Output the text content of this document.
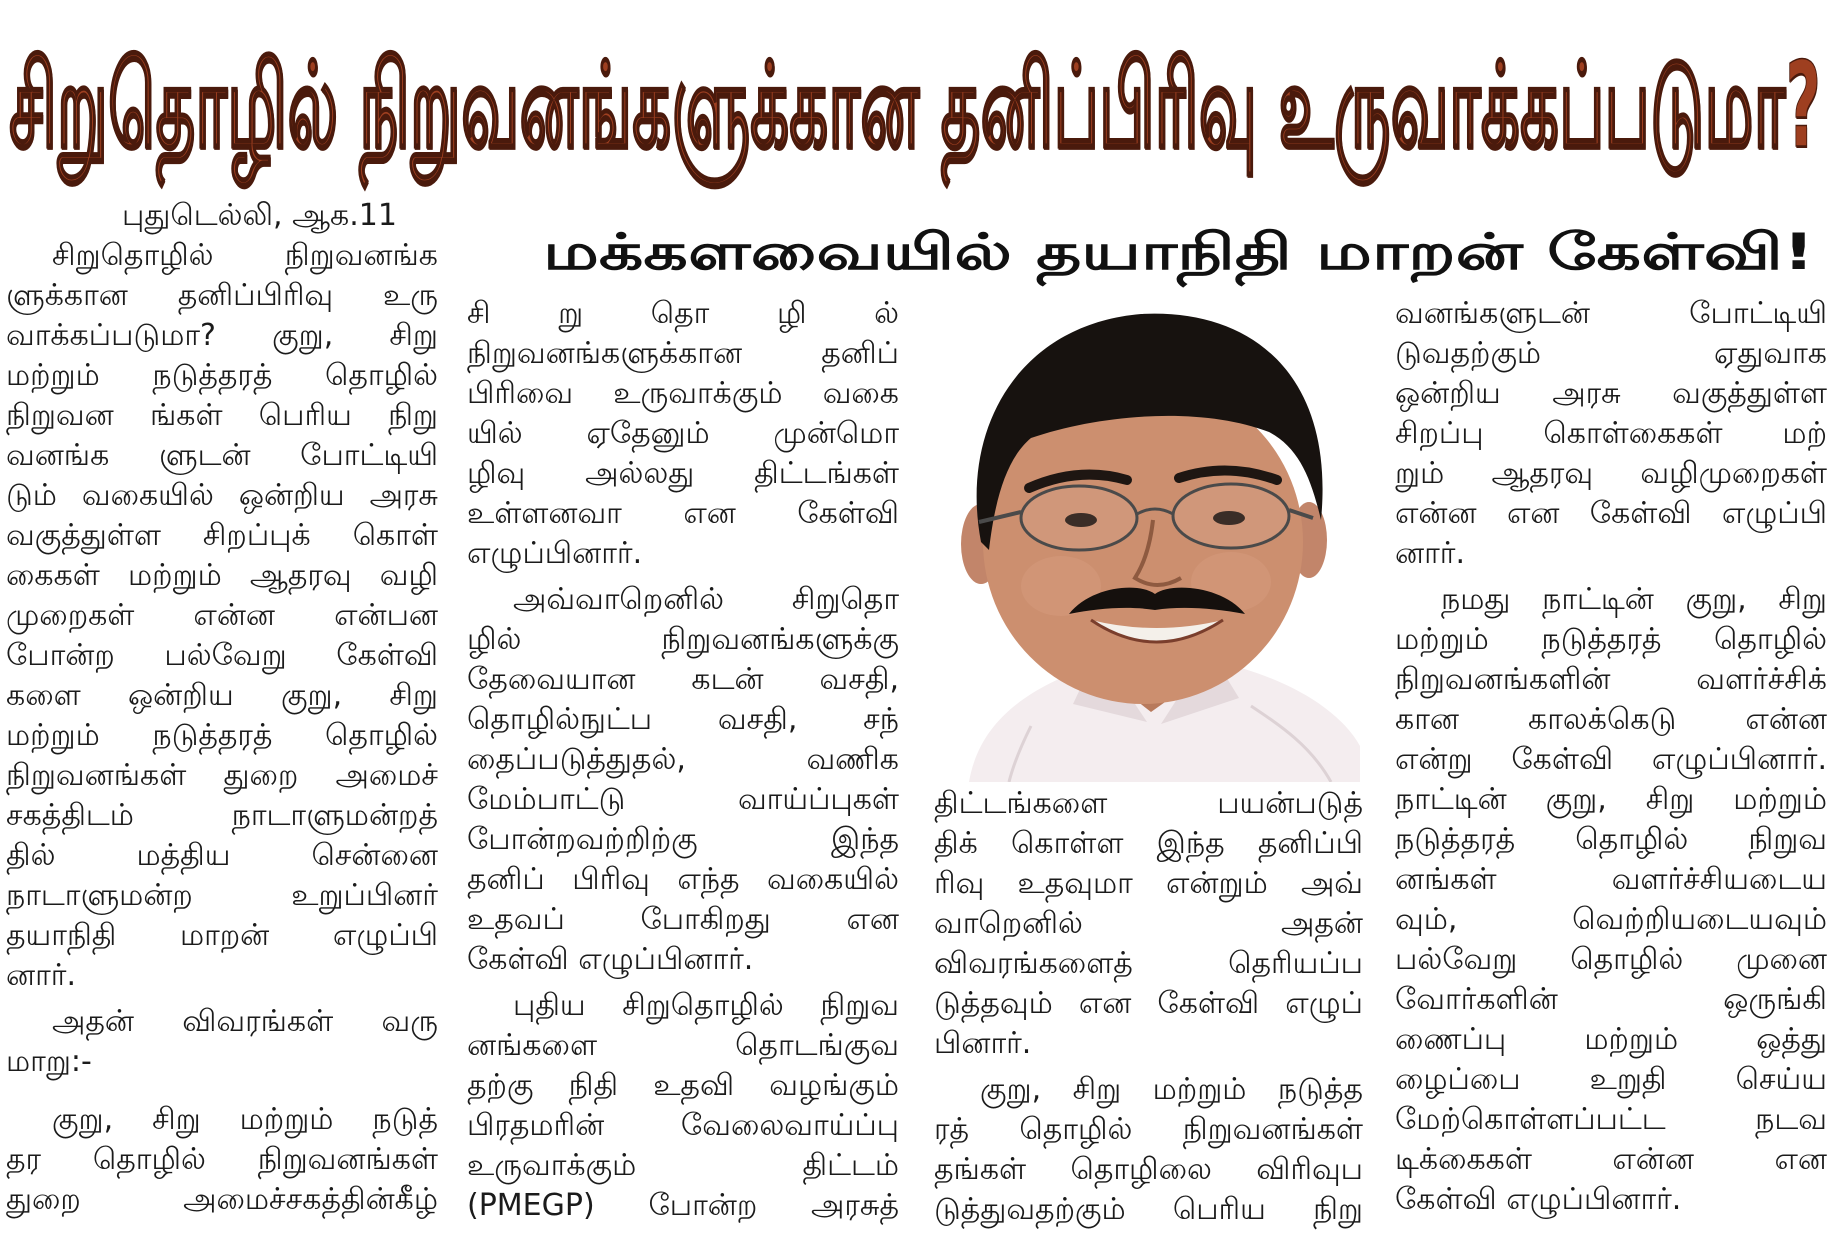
சிறுதொழில் நிறுவனங்களுக்கான தனிப்பிரிவு உருவாக்கப்படுமா?
மக்களவையில் தயாநிதி மாறன் கேள்வி!
புதுடெல்லி, ஆக.11
சிறுதொழில் நிறுவனங்க
ளுக்கான தனிப்பிரிவு உரு
வாக்கப்படுமா? குறு, சிறு
மற்றும் நடுத்தரத் தொழில்
நிறுவன ங்கள் பெரிய நிறு
வனங்க ளுடன் போட்டியி
டும் வகையில் ஒன்றிய அரசு
வகுத்துள்ள சிறப்புக் கொள்
கைகள் மற்றும் ஆதரவு வழி
முறைகள் என்ன என்பன
போன்ற பல்வேறு கேள்வி
களை ஒன்றிய குறு, சிறு
மற்றும் நடுத்தரத் தொழில்
நிறுவனங்கள் துறை அமைச்
சகத்திடம் நாடாளுமன்றத்
தில் மத்திய சென்னை
நாடாளுமன்ற உறுப்பினர்
தயாநிதி மாறன் எழுப்பி
னார்.
அதன் விவரங்கள் வரு
மாறு:-
குறு, சிறு மற்றும் நடுத்
தர தொழில் நிறுவனங்கள்
துறை அமைச்சகத்தின்கீழ்
சி று தொ ழி ல்
நிறுவனங்களுக்கான தனிப்
பிரிவை உருவாக்கும் வகை
யில் ஏதேனும் முன்மொ
ழிவு அல்லது திட்டங்கள்
உள்ளனவா என கேள்வி
எழுப்பினார்.
அவ்வாறெனில் சிறுதொ
ழில் நிறுவனங்களுக்கு
தேவையான கடன் வசதி,
தொழில்நுட்ப வசதி, சந்
தைப்படுத்துதல், வணிக
மேம்பாட்டு வாய்ப்புகள்
போன்றவற்றிற்கு இந்த
தனிப் பிரிவு எந்த வகையில்
உதவப் போகிறது என
கேள்வி எழுப்பினார்.
புதிய சிறுதொழில் நிறுவ
னங்களை தொடங்குவ
தற்கு நிதி உதவி வழங்கும்
பிரதமரின் வேலைவாய்ப்பு
உருவாக்கும் திட்டம்
(PMEGP) போன்ற அரசுத்
திட்டங்களை பயன்படுத்
திக் கொள்ள இந்த தனிப்பி
ரிவு உதவுமா என்றும் அவ்
வாறெனில் அதன்
விவரங்களைத் தெரியப்ப
டுத்தவும் என கேள்வி எழுப்
பினார்.
குறு, சிறு மற்றும் நடுத்த
ரத் தொழில் நிறுவனங்கள்
தங்கள் தொழிலை விரிவுப
டுத்துவதற்கும் பெரிய நிறு
வனங்களுடன் போட்டியி
டுவதற்கும் ஏதுவாக
ஒன்றிய அரசு வகுத்துள்ள
சிறப்பு கொள்கைகள் மற்
றும் ஆதரவு வழிமுறைகள்
என்ன என கேள்வி எழுப்பி
னார்.
நமது நாட்டின் குறு, சிறு
மற்றும் நடுத்தரத் தொழில்
நிறுவனங்களின் வளர்ச்சிக்
கான காலக்கெடு என்ன
என்று கேள்வி எழுப்பினார்.
நாட்டின் குறு, சிறு மற்றும்
நடுத்தரத் தொழில் நிறுவ
னங்கள் வளர்ச்சியடைய
வும், வெற்றியடையவும்
பல்வேறு தொழில் முனை
வோர்களின் ஒருங்கி
ணைப்பு மற்றும் ஒத்து
ழைப்பை உறுதி செய்ய
மேற்கொள்ளப்பட்ட நடவ
டிக்கைகள் என்ன என
கேள்வி எழுப்பினார்.
